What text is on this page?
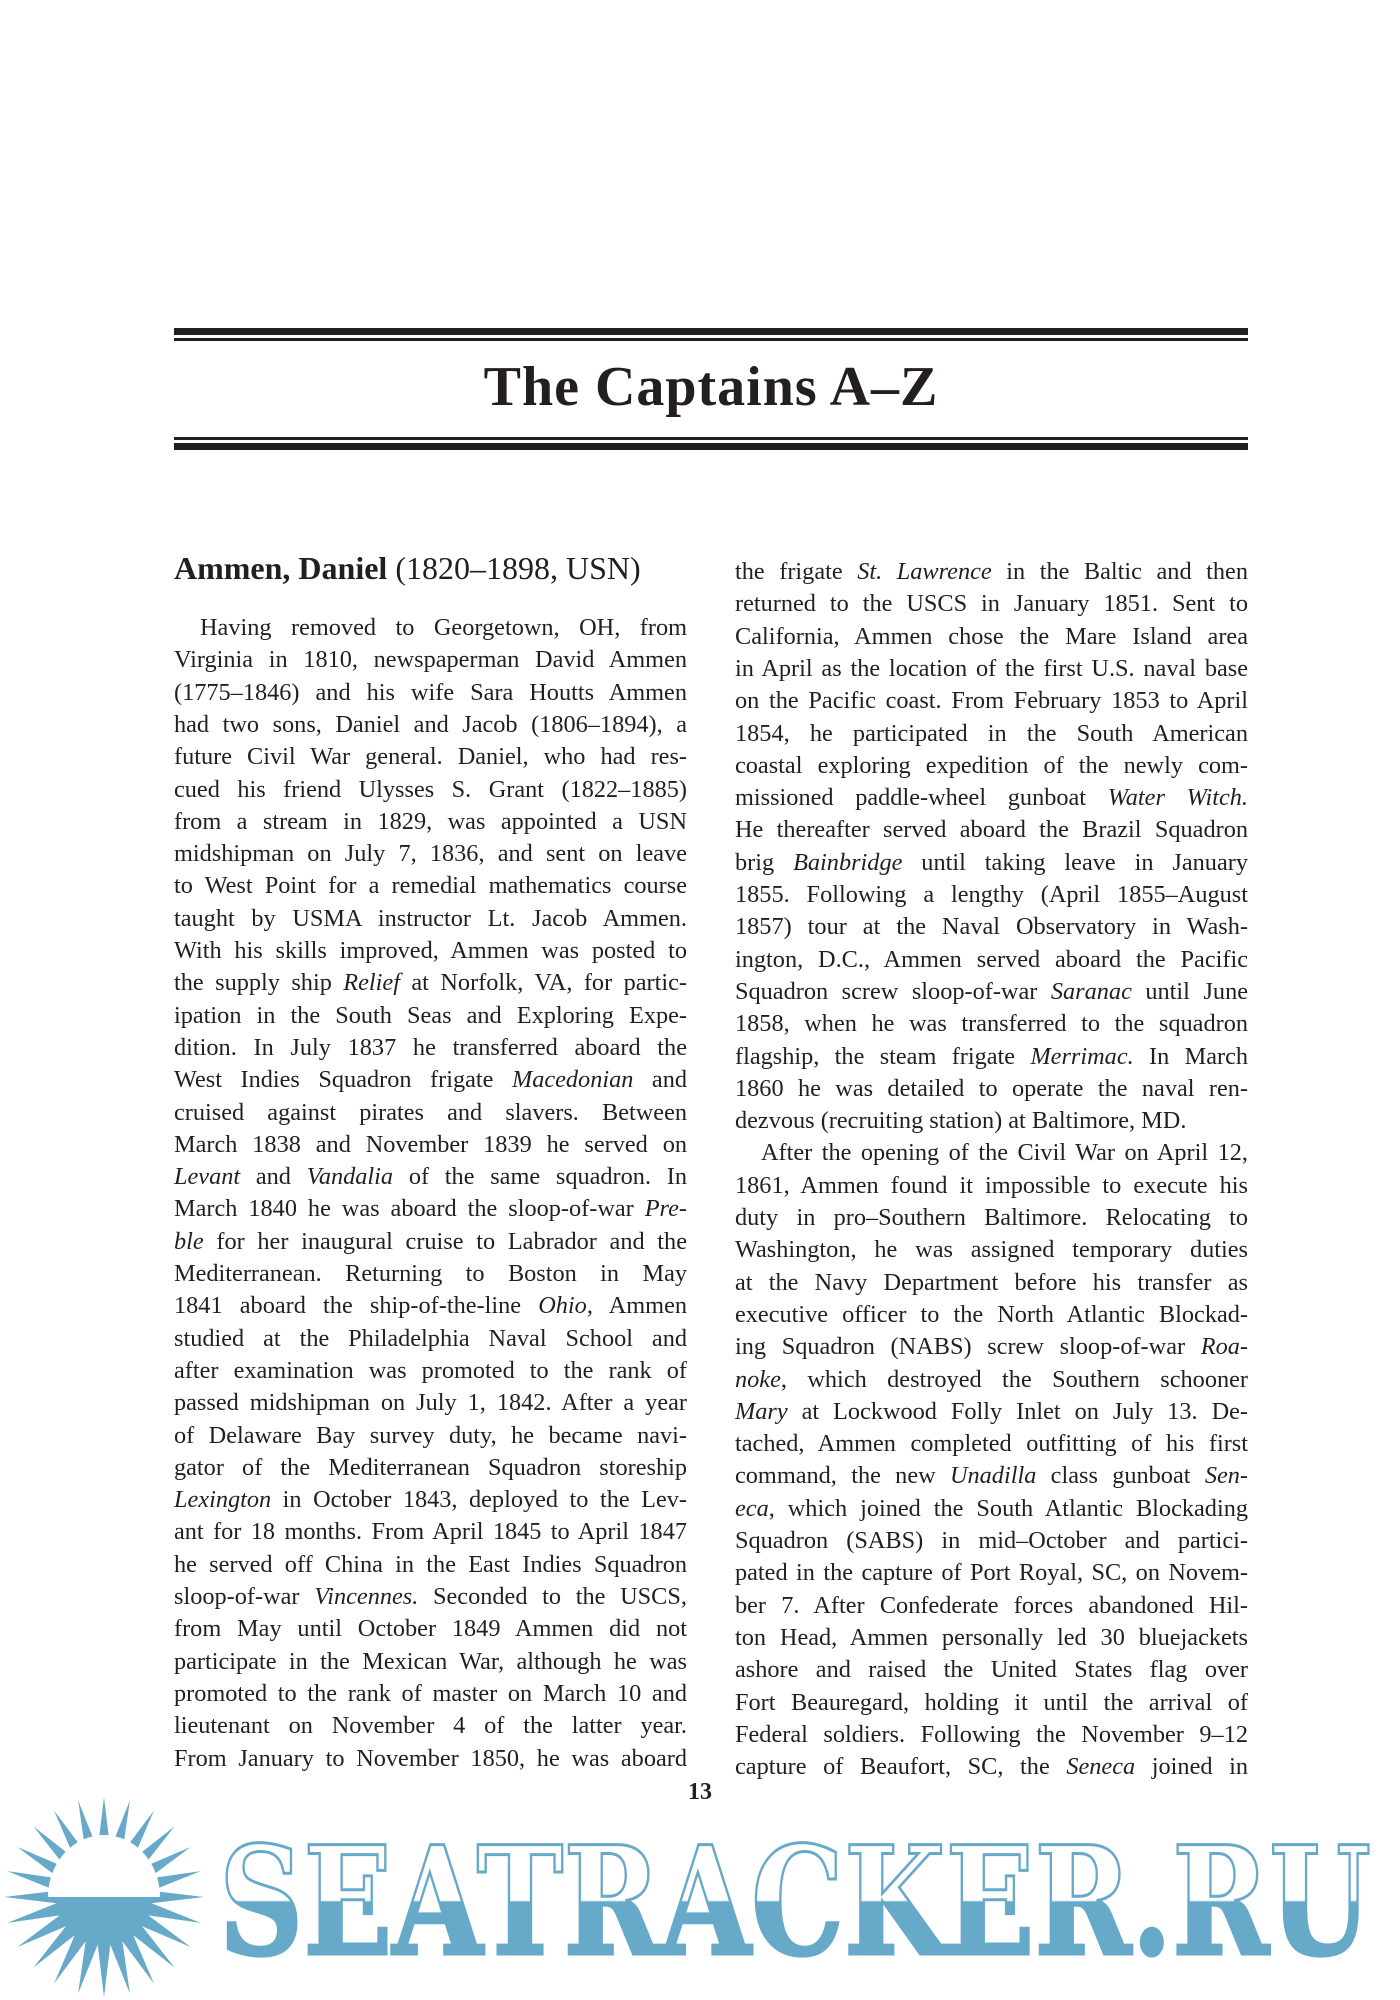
The Captains A–Z
Ammen, Daniel (1820–1898, USN)
Having removed to Georgetown, OH, from
Virginia in 1810, newspaperman David Ammen
(1775–1846) and his wife Sara Houtts Ammen
had two sons, Daniel and Jacob (1806–1894), a
future Civil War general. Daniel, who had res-
cued his friend Ulysses S. Grant (1822–1885)
from a stream in 1829, was appointed a USN
midshipman on July 7, 1836, and sent on leave
to West Point for a remedial mathematics course
taught by USMA instructor Lt. Jacob Ammen.
With his skills improved, Ammen was posted to
the supply ship Relief at Norfolk, VA, for partic-
ipation in the South Seas and Exploring Expe-
dition. In July 1837 he transferred aboard the
West Indies Squadron frigate Macedonian and
cruised against pirates and slavers. Between
March 1838 and November 1839 he served on
Levant and Vandalia of the same squadron. In
March 1840 he was aboard the sloop-of-war Pre-
ble for her inaugural cruise to Labrador and the
Mediterranean. Returning to Boston in May
1841 aboard the ship-of-the-line Ohio, Ammen
studied at the Philadelphia Naval School and
after examination was promoted to the rank of
passed midshipman on July 1, 1842. After a year
of Delaware Bay survey duty, he became navi-
gator of the Mediterranean Squadron storeship
Lexington in October 1843, deployed to the Lev-
ant for 18 months. From April 1845 to April 1847
he served off China in the East Indies Squadron
sloop-of-war Vincennes. Seconded to the USCS,
from May until October 1849 Ammen did not
participate in the Mexican War, although he was
promoted to the rank of master on March 10 and
lieutenant on November 4 of the latter year.
From January to November 1850, he was aboard
the frigate St. Lawrence in the Baltic and then
returned to the USCS in January 1851. Sent to
California, Ammen chose the Mare Island area
in April as the location of the first U.S. naval base
on the Pacific coast. From February 1853 to April
1854, he participated in the South American
coastal exploring expedition of the newly com-
missioned paddle-wheel gunboat Water Witch.
He thereafter served aboard the Brazil Squadron
brig Bainbridge until taking leave in January
1855. Following a lengthy (April 1855–August
1857) tour at the Naval Observatory in Wash-
ington, D.C., Ammen served aboard the Pacific
Squadron screw sloop-of-war Saranac until June
1858, when he was transferred to the squadron
flagship, the steam frigate Merrimac. In March
1860 he was detailed to operate the naval ren-
dezvous (recruiting station) at Baltimore, MD.
After the opening of the Civil War on April 12,
1861, Ammen found it impossible to execute his
duty in pro–Southern Baltimore. Relocating to
Washington, he was assigned temporary duties
at the Navy Department before his transfer as
executive officer to the North Atlantic Blockad-
ing Squadron (NABS) screw sloop-of-war Roa-
noke, which destroyed the Southern schooner
Mary at Lockwood Folly Inlet on July 13. De-
tached, Ammen completed outfitting of his first
command, the new Unadilla class gunboat Sen-
eca, which joined the South Atlantic Blockading
Squadron (SABS) in mid–October and partici-
pated in the capture of Port Royal, SC, on Novem-
ber 7. After Confederate forces abandoned Hil-
ton Head, Ammen personally led 30 bluejackets
ashore and raised the United States flag over
Fort Beauregard, holding it until the arrival of
Federal soldiers. Following the November 9–12
capture of Beaufort, SC, the Seneca joined in
13
SEATRACKER.RU
